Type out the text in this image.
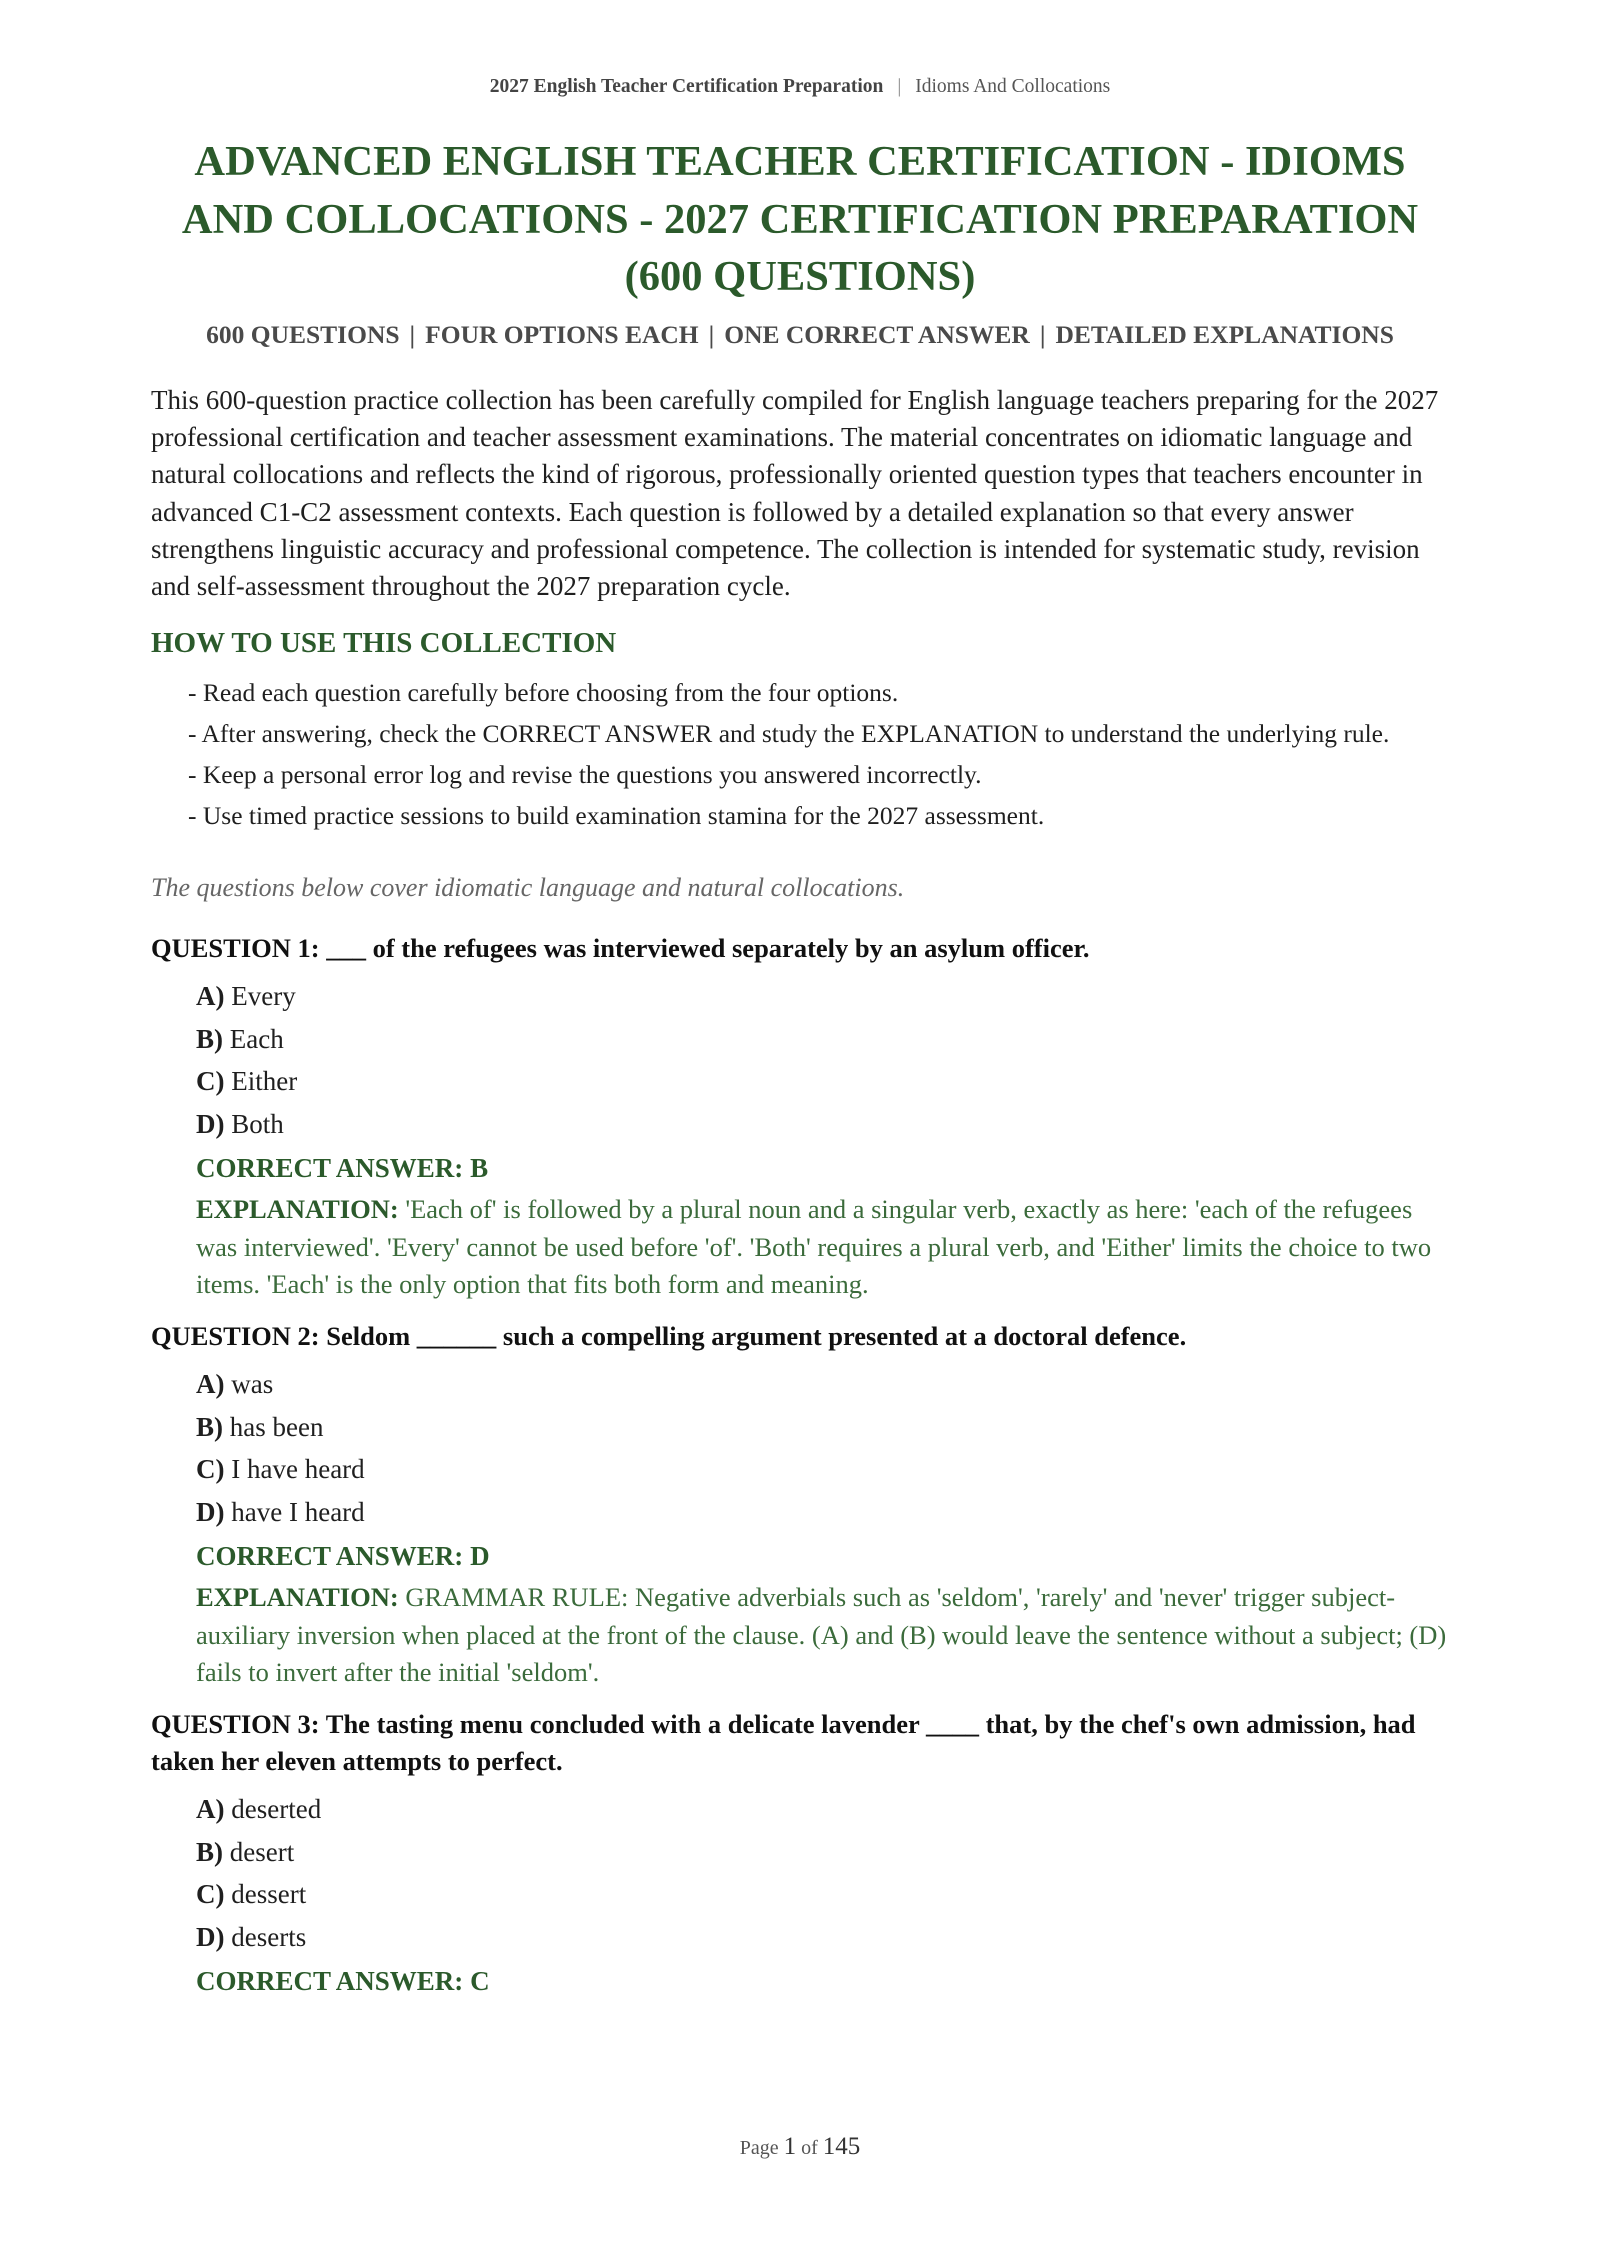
2027 English Teacher Certification Preparation | Idioms And Collocations
ADVANCED ENGLISH TEACHER CERTIFICATION - IDIOMS AND COLLOCATIONS - 2027 CERTIFICATION PREPARATION (600 QUESTIONS)
600 QUESTIONS | FOUR OPTIONS EACH | ONE CORRECT ANSWER | DETAILED EXPLANATIONS

This 600-question practice collection has been carefully compiled for English language teachers preparing for the 2027 professional certification and teacher assessment examinations. The material concentrates on idiomatic language and natural collocations and reflects the kind of rigorous, professionally oriented question types that teachers encounter in advanced C1-C2 assessment contexts. Each question is followed by a detailed explanation so that every answer strengthens linguistic accuracy and professional competence. The collection is intended for systematic study, revision and self-assessment throughout the 2027 preparation cycle.

HOW TO USE THIS COLLECTION
- Read each question carefully before choosing from the four options.
- After answering, check the CORRECT ANSWER and study the EXPLANATION to understand the underlying rule.
- Keep a personal error log and revise the questions you answered incorrectly.
- Use timed practice sessions to build examination stamina for the 2027 assessment.

The questions below cover idiomatic language and natural collocations.

QUESTION 1: ___ of the refugees was interviewed separately by an asylum officer.

A) Every
B) Each
C) Either
D) Both

CORRECT ANSWER: B

EXPLANATION: 'Each of' is followed by a plural noun and a singular verb, exactly as here: 'each of the refugees was interviewed'. 'Every' cannot be used before 'of'. 'Both' requires a plural verb, and 'Either' limits the choice to two items. 'Each' is the only option that fits both form and meaning.

QUESTION 2: Seldom ______ such a compelling argument presented at a doctoral defence.

A) was
B) has been
C) I have heard
D) have I heard

CORRECT ANSWER: D

EXPLANATION: GRAMMAR RULE: Negative adverbials such as 'seldom', 'rarely' and 'never' trigger subject-auxiliary inversion when placed at the front of the clause. (A) and (B) would leave the sentence without a subject; (D) fails to invert after the initial 'seldom'.

QUESTION 3: The tasting menu concluded with a delicate lavender ____ that, by the chef's own admission, had taken her eleven attempts to perfect.

A) deserted
B) desert
C) dessert
D) deserts

CORRECT ANSWER: C

Page 1 of 145
